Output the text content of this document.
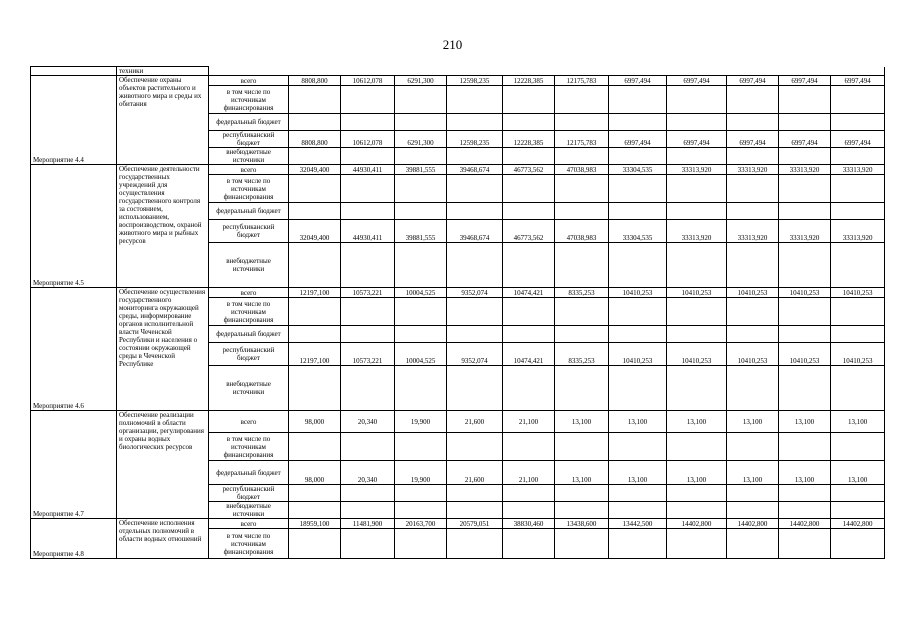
210
	техники												
Мероприятие 4.4	Обеспечение охраны объектов растительного и животного мира и среды их обитания	всего	8808,800	10612,078	6291,300	12598,235	12228,385	12175,783	6997,494	6997,494	6997,494	6997,494	6997,494
		в том числе по источникам финансирования											
		федеральный бюджет											
		республиканский бюджет	8808,800	10612,078	6291,300	12598,235	12228,385	12175,783	6997,494	6997,494	6997,494	6997,494	6997,494
		внебюджетные источники											
Мероприятие 4.5	Обеспечение деятельности государственных учреждений для осуществления государственного контроля за состоянием, использованием, воспроизводством, охраной животного мира и рыбных ресурсов	всего	32049,400	44930,411	39881,555	39468,674	46773,562	47038,983	33304,535	33313,920	33313,920	33313,920	33313,920
		в том числе по источникам финансирования											
		федеральный бюджет											
		республиканский бюджет	32049,400	44930,411	39881,555	39468,674	46773,562	47038,983	33304,535	33313,920	33313,920	33313,920	33313,920
		внебюджетные источники											
Мероприятие 4.6	Обеспечение осуществления государственного мониторинга окружающей среды, информирование органов исполнительной власти Чеченской Республики и населения о состоянии окружающей среды в Чеченской Республике	всего	12197,100	10573,221	10004,525	9352,074	10474,421	8335,253	10410,253	10410,253	10410,253	10410,253	10410,253
		в том числе по источникам финансирования											
		федеральный бюджет											
		республиканский бюджет	12197,100	10573,221	10004,525	9352,074	10474,421	8335,253	10410,253	10410,253	10410,253	10410,253	10410,253
		внебюджетные источники											
Мероприятие 4.7	Обеспечение реализации полномочий в области организации, регулирования и охраны водных биологических ресурсов	всего	98,000	20,340	19,900	21,600	21,100	13,100	13,100	13,100	13,100	13,100	13,100
		в том числе по источникам финансирования											
		федеральный бюджет	98,000	20,340	19,900	21,600	21,100	13,100	13,100	13,100	13,100	13,100	13,100
		республиканский бюджет											
		внебюджетные источники											
Мероприятие 4.8	Обеспечение исполнения отдельных полномочий в области водных отношений	всего	18959,100	11481,900	20163,700	20579,051	38830,460	13438,600	13442,500	14402,800	14402,800	14402,800	14402,800
		в том числе по источникам финансирования											
